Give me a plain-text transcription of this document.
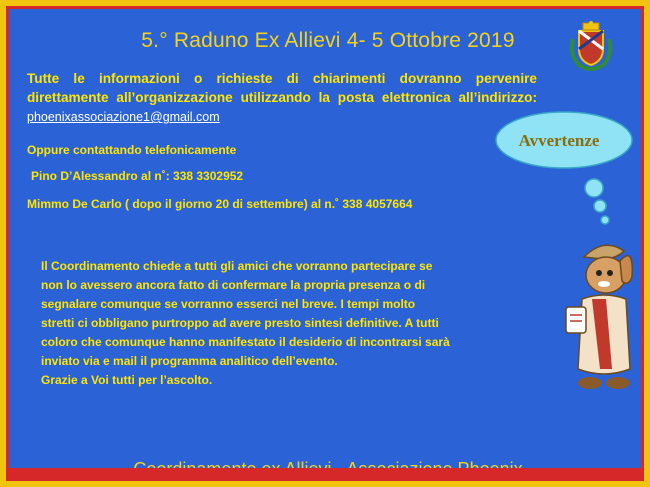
5.° Raduno Ex Allievi 4- 5 Ottobre 2019
Tutte le informazioni o richieste di chiarimenti dovranno pervenire direttamente all’organizzazione utilizzando la posta elettronica all’indirizzo: phoenixassociazione1@gmail.com
Oppure contattando telefonicamente
Pino D’Alessandro al n˚: 338 3302952
Mimmo De Carlo ( dopo il giorno 20 di settembre) al n.˚ 338 4057664
Il Coordinamento chiede a tutti gli amici che vorranno partecipare se
non lo avessero ancora fatto di confermare la propria presenza o di
segnalare comunque se vorranno esserci nel breve. I tempi molto
stretti ci obbligano purtroppo ad avere presto sintesi definitive. A tutti
coloro che comunque hanno manifestato il desiderio di incontrarsi sarà
inviato via e mail il programma analitico dell’evento.
Grazie a Voi tutti per l’ascolto.
Avvertenze
